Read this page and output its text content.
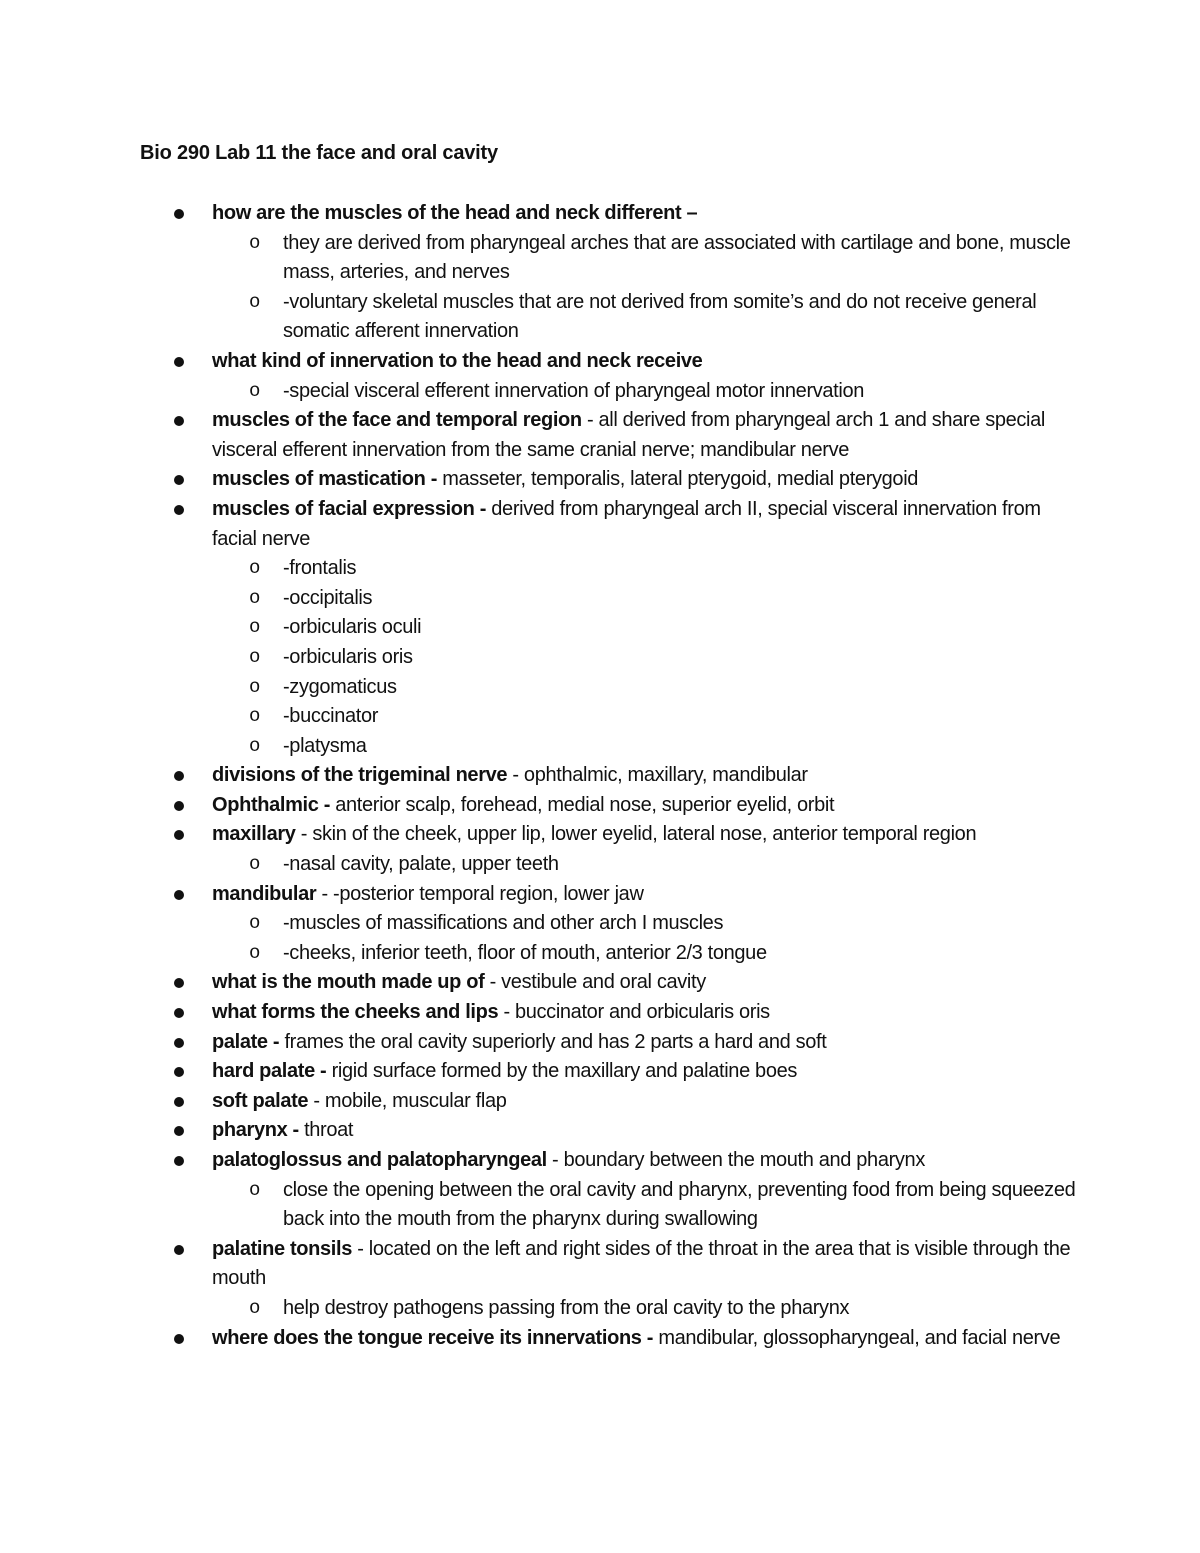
Bio 290 Lab 11 the face and oral cavity
how are the muscles of the head and neck different –
o they are derived from pharyngeal arches that are associated with cartilage and bone, muscle mass, arteries, and nerves
o -voluntary skeletal muscles that are not derived from somite’s and do not receive general somatic afferent innervation
what kind of innervation to the head and neck receive
o -special visceral efferent innervation of pharyngeal motor innervation
muscles of the face and temporal region - all derived from pharyngeal arch 1 and share special visceral efferent innervation from the same cranial nerve; mandibular nerve
muscles of mastication - masseter, temporalis, lateral pterygoid, medial pterygoid
muscles of facial expression - derived from pharyngeal arch II, special visceral innervation from facial nerve
o -frontalis
o -occipitalis
o -orbicularis oculi
o -orbicularis oris
o -zygomaticus
o -buccinator
o -platysma
divisions of the trigeminal nerve - ophthalmic, maxillary, mandibular
Ophthalmic - anterior scalp, forehead, medial nose, superior eyelid, orbit
maxillary - skin of the cheek, upper lip, lower eyelid, lateral nose, anterior temporal region
o -nasal cavity, palate, upper teeth
mandibular - -posterior temporal region, lower jaw
o -muscles of massifications and other arch I muscles
o -cheeks, inferior teeth, floor of mouth, anterior 2/3 tongue
what is the mouth made up of - vestibule and oral cavity
what forms the cheeks and lips - buccinator and orbicularis oris
palate - frames the oral cavity superiorly and has 2 parts a hard and soft
hard palate - rigid surface formed by the maxillary and palatine boes
soft palate - mobile, muscular flap
pharynx - throat
palatoglossus and palatopharyngeal - boundary between the mouth and pharynx
o close the opening between the oral cavity and pharynx, preventing food from being squeezed back into the mouth from the pharynx during swallowing
palatine tonsils - located on the left and right sides of the throat in the area that is visible through the mouth
o help destroy pathogens passing from the oral cavity to the pharynx
where does the tongue receive its innervations - mandibular, glossopharyngeal, and facial nerve
